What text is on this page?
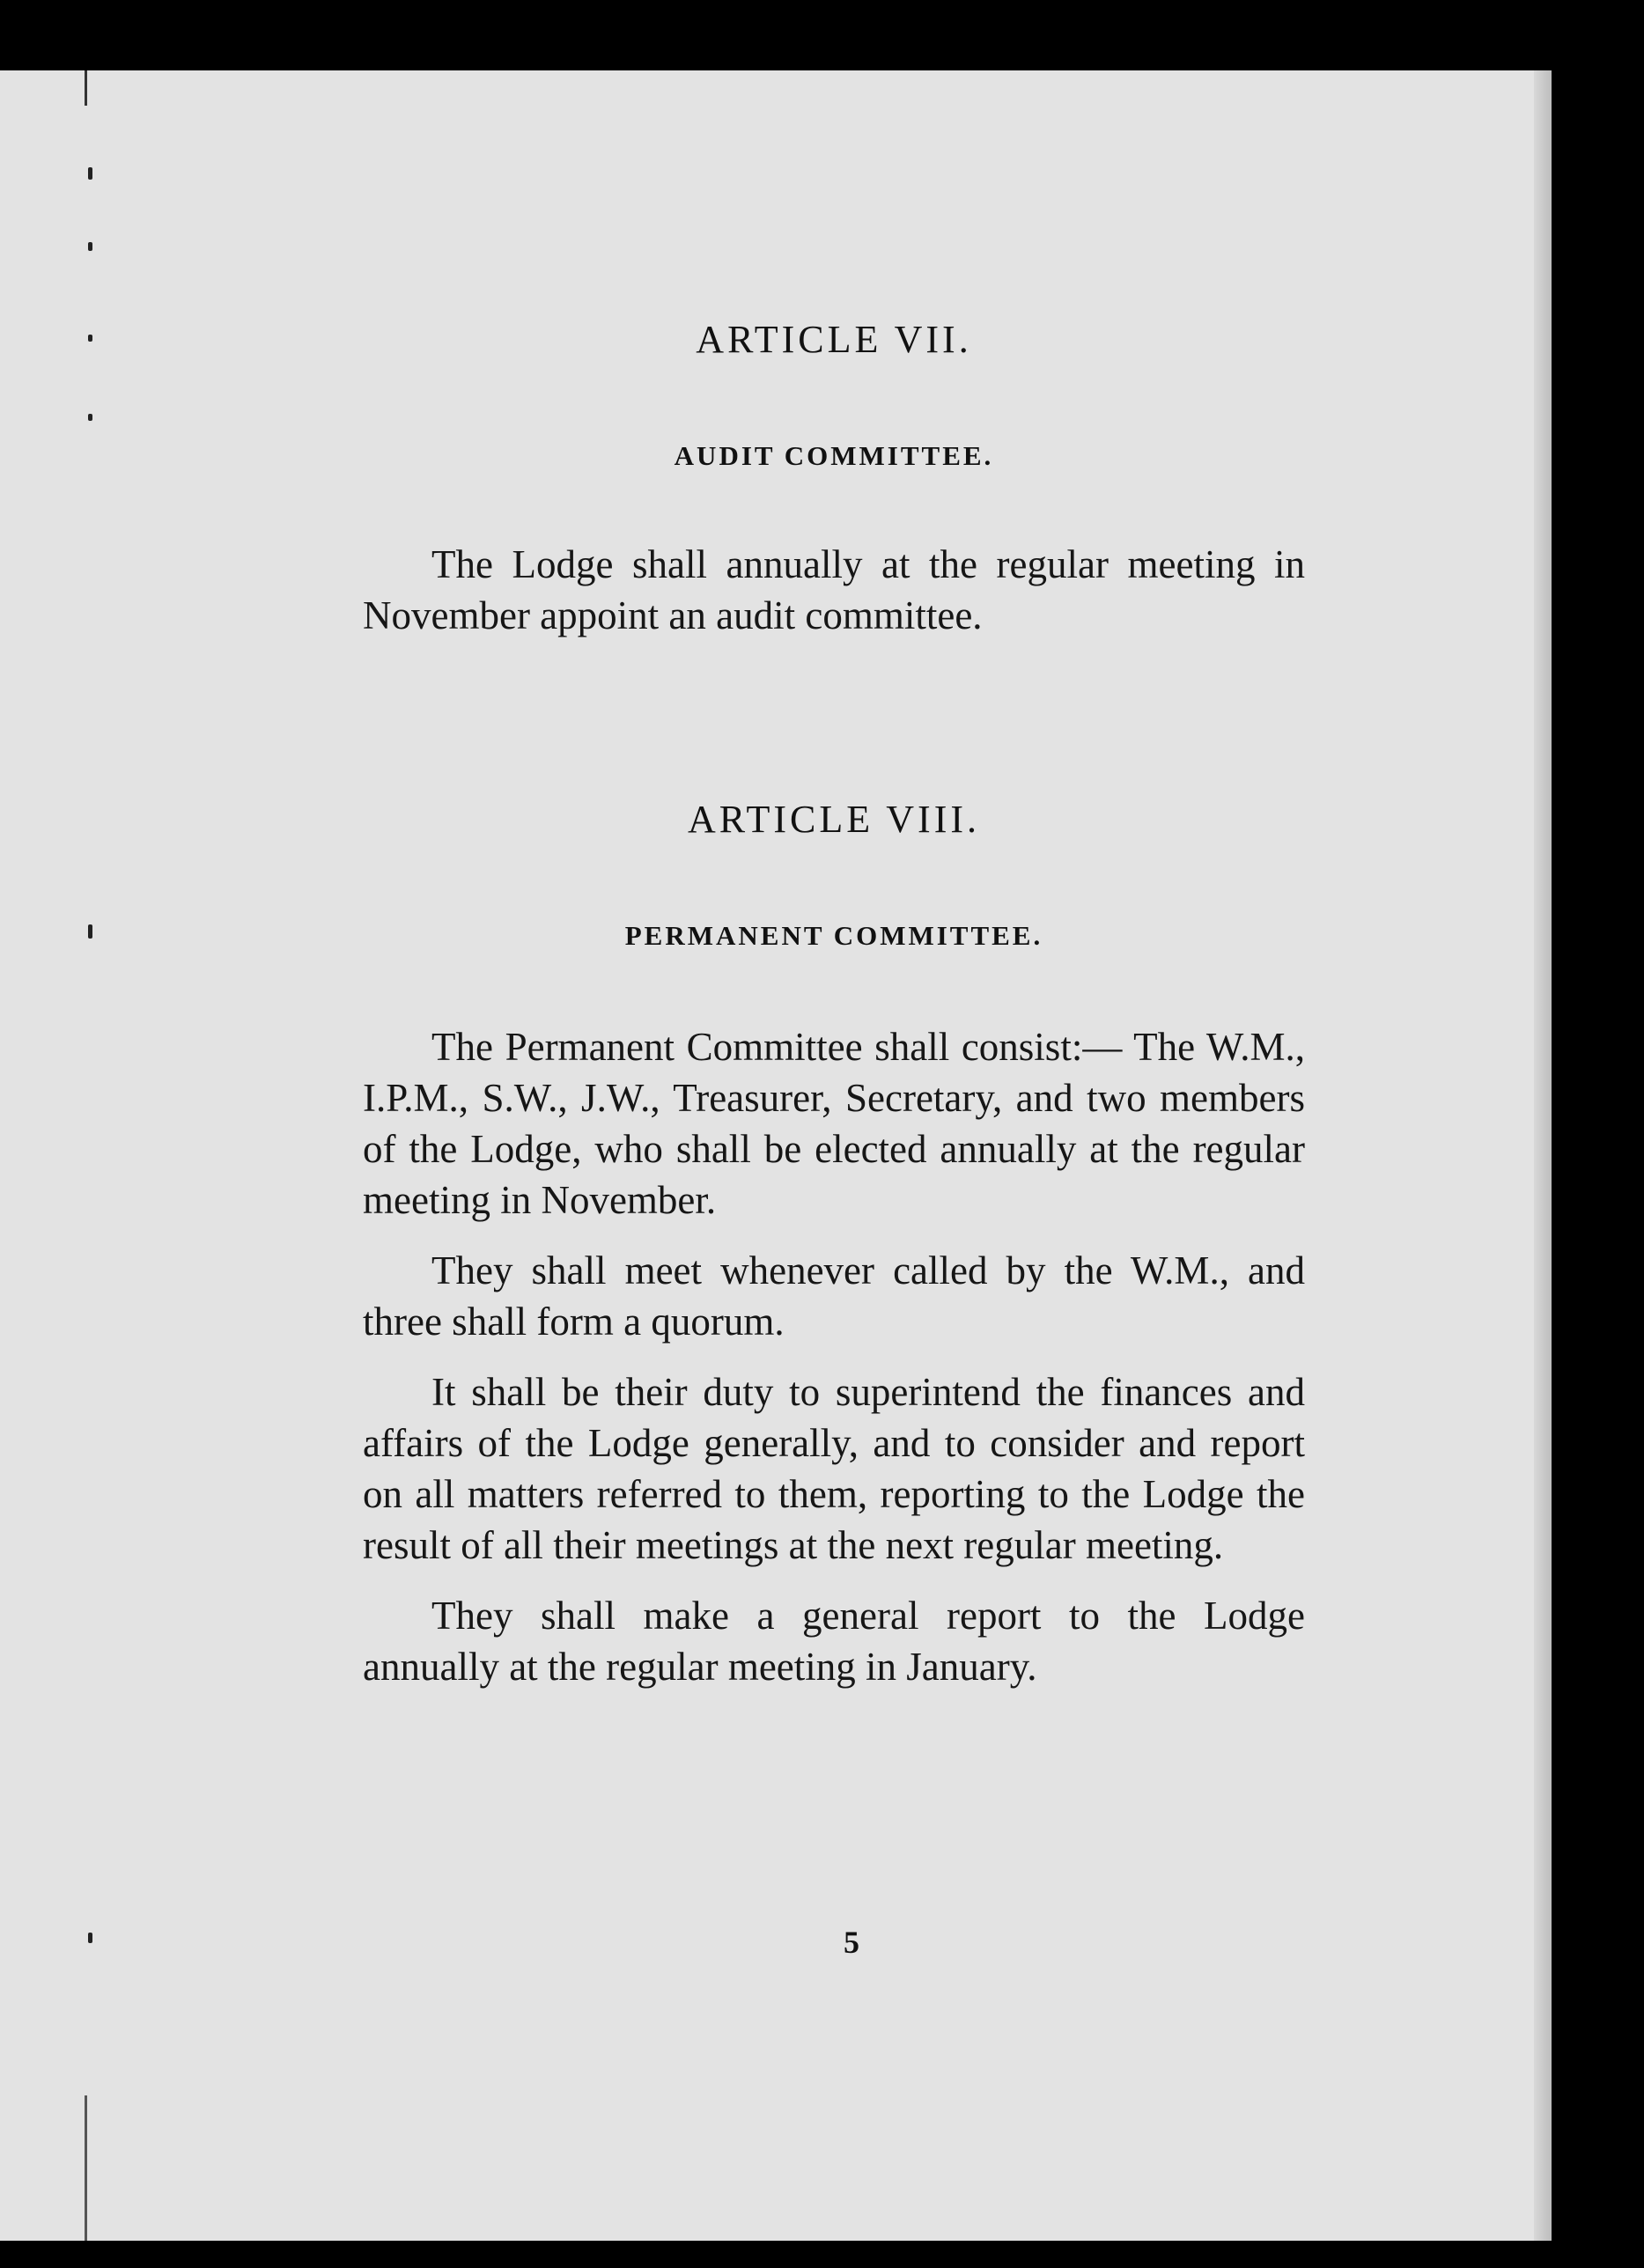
ARTICLE VII.
AUDIT COMMITTEE.

The Lodge shall annually at the regular meeting in November appoint an audit committee.

ARTICLE VIII.
PERMANENT COMMITTEE.

The Permanent Committee shall consist:— The W.M., I.P.M., S.W., J.W., Treasurer, Secretary, and two members of the Lodge, who shall be elected annually at the regular meeting in November.

They shall meet whenever called by the W.M., and three shall form a quorum.

It shall be their duty to superintend the finances and affairs of the Lodge generally, and to consider and report on all matters referred to them, reporting to the Lodge the result of all their meetings at the next regular meeting.

They shall make a general report to the Lodge annually at the regular meeting in January.

5
